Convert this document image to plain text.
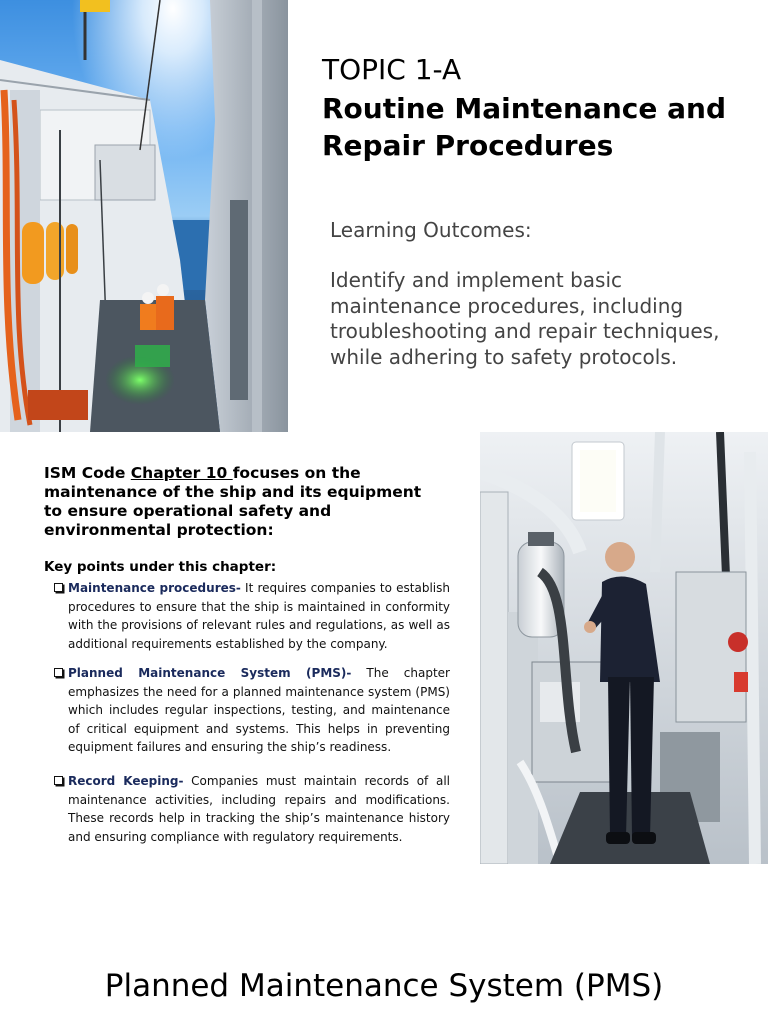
TOPIC 1-A
Routine Maintenance and Repair Procedures
Learning Outcomes:
Identify and implement basic maintenance procedures, including troubleshooting and repair techniques, while adhering to safety protocols.
ISM Code Chapter 10 focuses on the maintenance of the ship and its equipment to ensure operational safety and environmental protection:
Key points under this chapter:
Maintenance procedures- It requires companies to establish procedures to ensure that the ship is maintained in conformity with the provisions of relevant rules and regulations, as well as additional requirements established by the company.
Planned Maintenance System (PMS)- The chapter emphasizes the need for a planned maintenance system (PMS) which includes regular inspections, testing, and maintenance of critical equipment and systems. This helps in preventing equipment failures and ensuring the ship’s readiness.
Record Keeping- Companies must maintain records of all maintenance activities, including repairs and modifications. These records help in tracking the ship’s maintenance history and ensuring compliance with regulatory requirements.
Planned Maintenance System (PMS)
